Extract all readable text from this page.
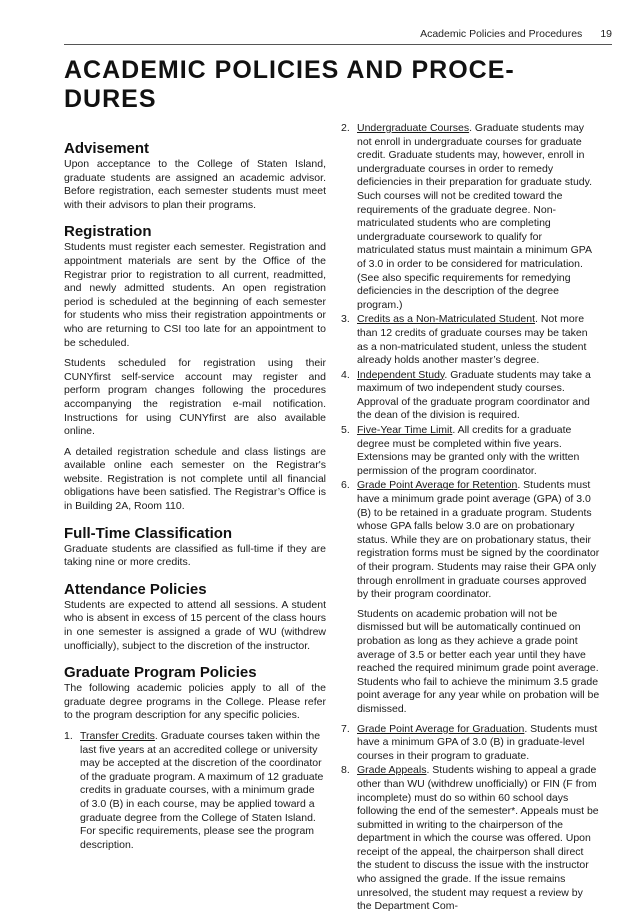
Academic Policies and Procedures 19
ACADEMIC POLICIES AND PROCE-
DURES
Advisement

Upon acceptance to the College of Staten Island, graduate students are assigned an academic advisor. Before registration, each semester students must meet with their advisors to plan their programs.

Registration

Students must register each semester. Registration and appointment materials are sent by the Office of the Registrar prior to registration to all current, readmitted, and newly admitted students. An open registration period is scheduled at the beginning of each semester for students who miss their registration appointments or who are returning to CSI too late for an appointment to be scheduled.

Students scheduled for registration using their CUNYfirst self-service account may register and perform program changes following the procedures accompanying the registration e-mail notification. Instructions for using CUNYfirst are also available online.

A detailed registration schedule and class listings are available online each semester on the Registrar's website. Registration is not complete until all financial obligations have been satisfied. The Registrar’s Office is in Building 2A, Room 110.

Full-Time Classification

Graduate students are classified as full-time if they are taking nine or more credits.

Attendance Policies

Students are expected to attend all sessions. A student who is absent in excess of 15 percent of the class hours in one semester is assigned a grade of WU (withdrew unofficially), subject to the discretion of the instructor.

Graduate Program Policies

The following academic policies apply to all of the graduate degree programs in the College. Please refer to the program description for any specific policies.

1. Transfer Credits. Graduate courses taken within the last five years at an accredited college or university may be accepted at the discretion of the coordinator of the graduate program. A maximum of 12 graduate credits in graduate courses, with a minimum grade of 3.0 (B) in each course, may be applied toward a graduate degree from the College of Staten Island. For specific requirements, please see the program description.
2. Undergraduate Courses. Graduate students may not enroll in undergraduate courses for graduate credit. Graduate students may, however, enroll in undergraduate courses in order to remedy deficiencies in their preparation for graduate study. Such courses will not be credited toward the requirements of the graduate degree. Non-matriculated students who are completing undergraduate coursework to qualify for matriculated status must maintain a minimum GPA of 3.0 in order to be considered for matriculation. (See also specific requirements for remedying deficiencies in the description of the degree program.)
3. Credits as a Non-Matriculated Student. Not more than 12 credits of graduate courses may be taken as a non-matriculated student, unless the student already holds another master’s degree.
4. Independent Study. Graduate students may take a maximum of two independent study courses. Approval of the graduate program coordinator and the dean of the division is required.
5. Five-Year Time Limit. All credits for a graduate degree must be completed within five years. Extensions may be granted only with the written permission of the program coordinator.
6. Grade Point Average for Retention. Students must have a minimum grade point average (GPA) of 3.0 (B) to be retained in a graduate program. Students whose GPA falls below 3.0 are on probationary status. While they are on probationary status, their registration forms must be signed by the coordinator of their program. Students may raise their GPA only through enrollment in graduate courses approved by their program coordinator.

Students on academic probation will not be dismissed but will be automatically continued on probation as long as they achieve a grade point average of 3.5 or better each year until they have reached the required minimum grade point average. Students who fail to achieve the minimum 3.5 grade point average for any year while on probation will be dismissed.

7. Grade Point Average for Graduation. Students must have a minimum GPA of 3.0 (B) in graduate-level courses in their program to graduate.
8. Grade Appeals. Students wishing to appeal a grade other than WU (withdrew unofficially) or FIN (F from incomplete) must do so within 60 school days following the end of the semester*. Appeals must be submitted in writing to the chairperson of the department in which the course was offered. Upon receipt of the appeal, the chairperson shall direct the student to discuss the issue with the instructor who assigned the grade. If the issue remains unresolved, the student may request a review by the Department Com-
